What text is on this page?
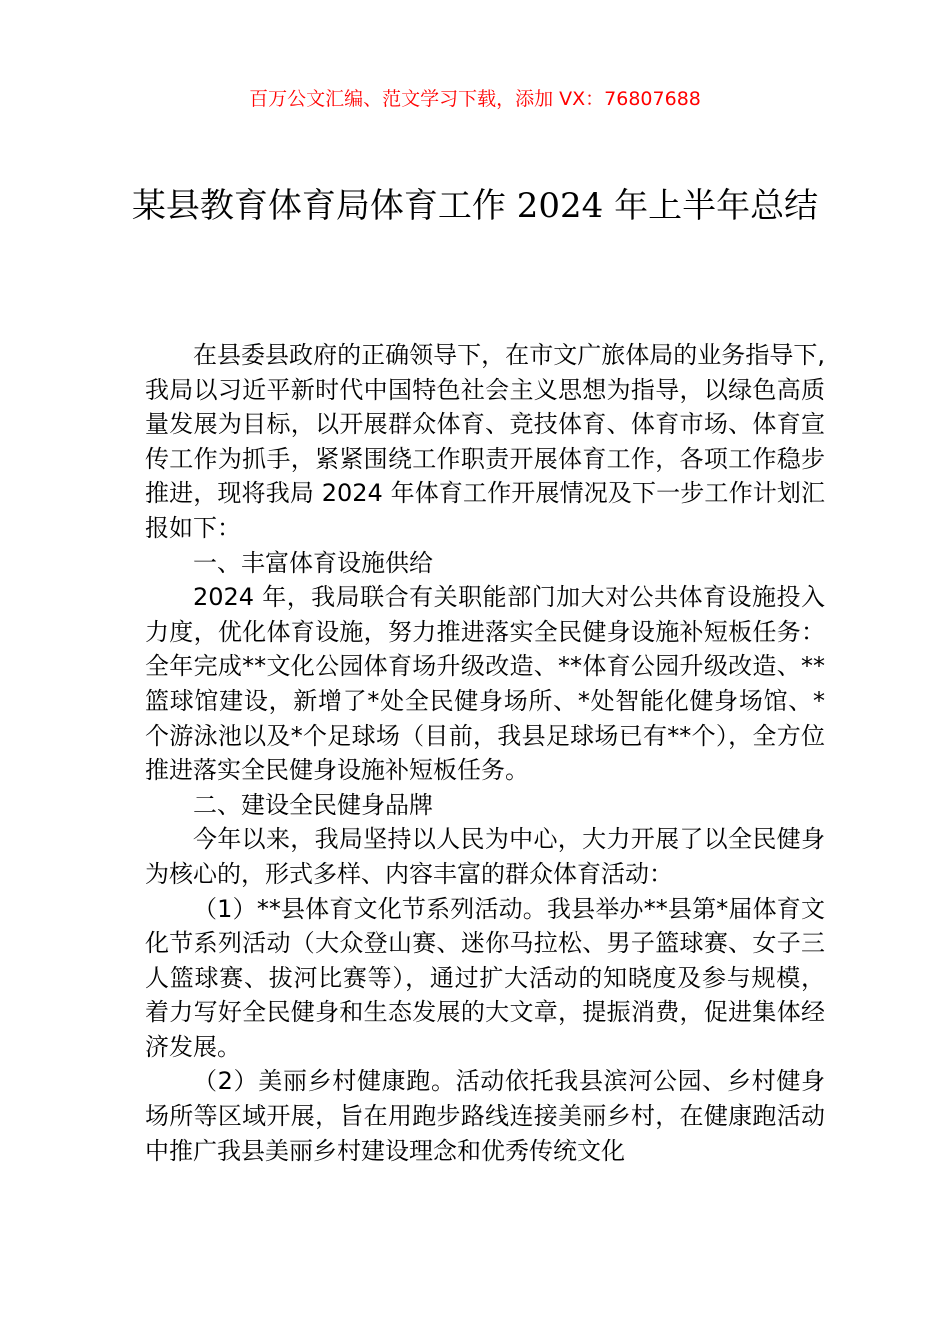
百万公文汇编、范文学习下载，添加 VX：76807688
某县教育体育局体育工作 2024 年上半年总结

在县委县政府的正确领导下，在市文广旅体局的业务指导下,我局以习近平新时代中国特色社会主义思想为指导，以绿色高质量发展为目标，以开展群众体育、竞技体育、体育市场、体育宣传工作为抓手，紧紧围绕工作职责开展体育工作，各项工作稳步推进，现将我局 2024 年体育工作开展情况及下一步工作计划汇报如下：

一、丰富体育设施供给

2024 年，我局联合有关职能部门加大对公共体育设施投入力度，优化体育设施，努力推进落实全民健身设施补短板任务：全年完成**文化公园体育场升级改造、**体育公园升级改造、**篮球馆建设，新增了*处全民健身场所、*处智能化健身场馆、*个游泳池以及*个足球场（目前，我县足球场已有**个），全方位推进落实全民健身设施补短板任务。

二、建设全民健身品牌

今年以来，我局坚持以人民为中心，大力开展了以全民健身为核心的，形式多样、内容丰富的群众体育活动：

（1）**县体育文化节系列活动。我县举办**县第*届体育文化节系列活动（大众登山赛、迷你马拉松、男子篮球赛、女子三人篮球赛、拔河比赛等），通过扩大活动的知晓度及参与规模，着力写好全民健身和生态发展的大文章，提振消费，促进集体经济发展。

（2）美丽乡村健康跑。活动依托我县滨河公园、乡村健身场所等区域开展，旨在用跑步路线连接美丽乡村，在健康跑活动中推广我县美丽乡村建设理念和优秀传统文化
